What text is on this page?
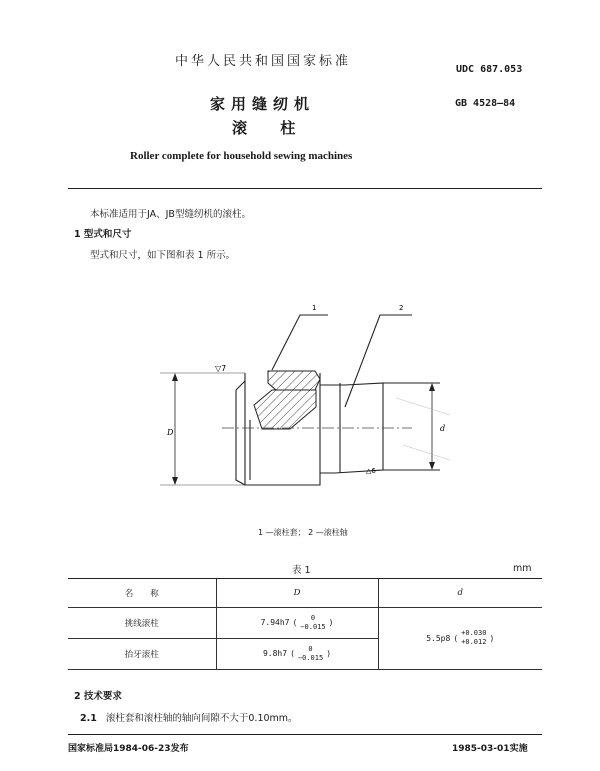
中华人民共和国国家标准
UDC 687.053
家用缝纫机	GB 4528—84
滚 柱
Roller complete for household sewing machines
本标准适用于JA、JB型缝纫机的滚柱。
1 型式和尺寸
型式和尺寸，如下图和表 1 所示。
1	2
▽7
△6
D	d
1 —滚柱套； 2 —滚柱轴
表 1	mm
名　　称	D	d
挑线滚柱	7.94h7 (
0
−0.015 )	5.5p8 (
+0.030
+0.012 )

抬牙滚柱	9.8h7 (
0
−0.015 )	
2 技术要求
2.1 滚柱套和滚柱轴的轴向间隙不大于0.10mm。
国家标准局1984-06-23发布	1985-03-01实施
